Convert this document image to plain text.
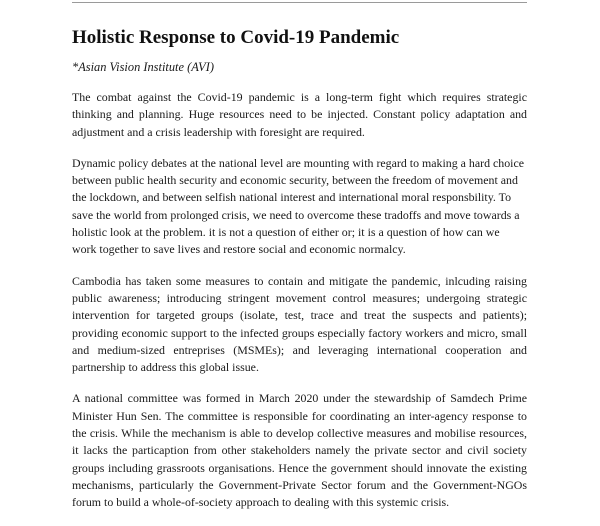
Holistic Response to Covid-19 Pandemic

*Asian Vision Institute (AVI)

The combat against the Covid-19 pandemic is a long-term fight which requires strategic thinking and planning. Huge resources need to be injected. Constant policy adaptation and adjustment and a crisis leadership with foresight are required.

Dynamic policy debates at the national level are mounting with regard to making a hard choice between public health security and economic security, between the freedom of movement and the lockdown, and between selfish national interest and international moral responsbility. To save the world from prolonged crisis, we need to overcome these tradoffs and move towards a holistic look at the problem. it is not a question of either or; it is a question of how can we work together to save lives and restore social and economic normalcy.

Cambodia has taken some measures to contain and mitigate the pandemic, inlcuding raising public awareness; introducing stringent movement control measures; undergoing strategic intervention for targeted groups (isolate, test, trace and treat the suspects and patients); providing economic support to the infected groups especially factory workers and micro, small and medium-sized entreprises (MSMEs); and leveraging international cooperation and partnership to address this global issue.

A national committee was formed in March 2020 under the stewardship of Samdech Prime Minister Hun Sen. The committee is responsible for coordinating an inter-agency response to the crisis. While the mechanism is able to develop collective measures and mobilise resources, it lacks the particaption from other stakeholders namely the private sector and civil society groups including grassroots organisations. Hence the government should innovate the existing mechanisms, particularly the Government-Private Sector forum and the Government-NGOs forum to build a whole-of-society approach to dealing with this systemic crisis.
